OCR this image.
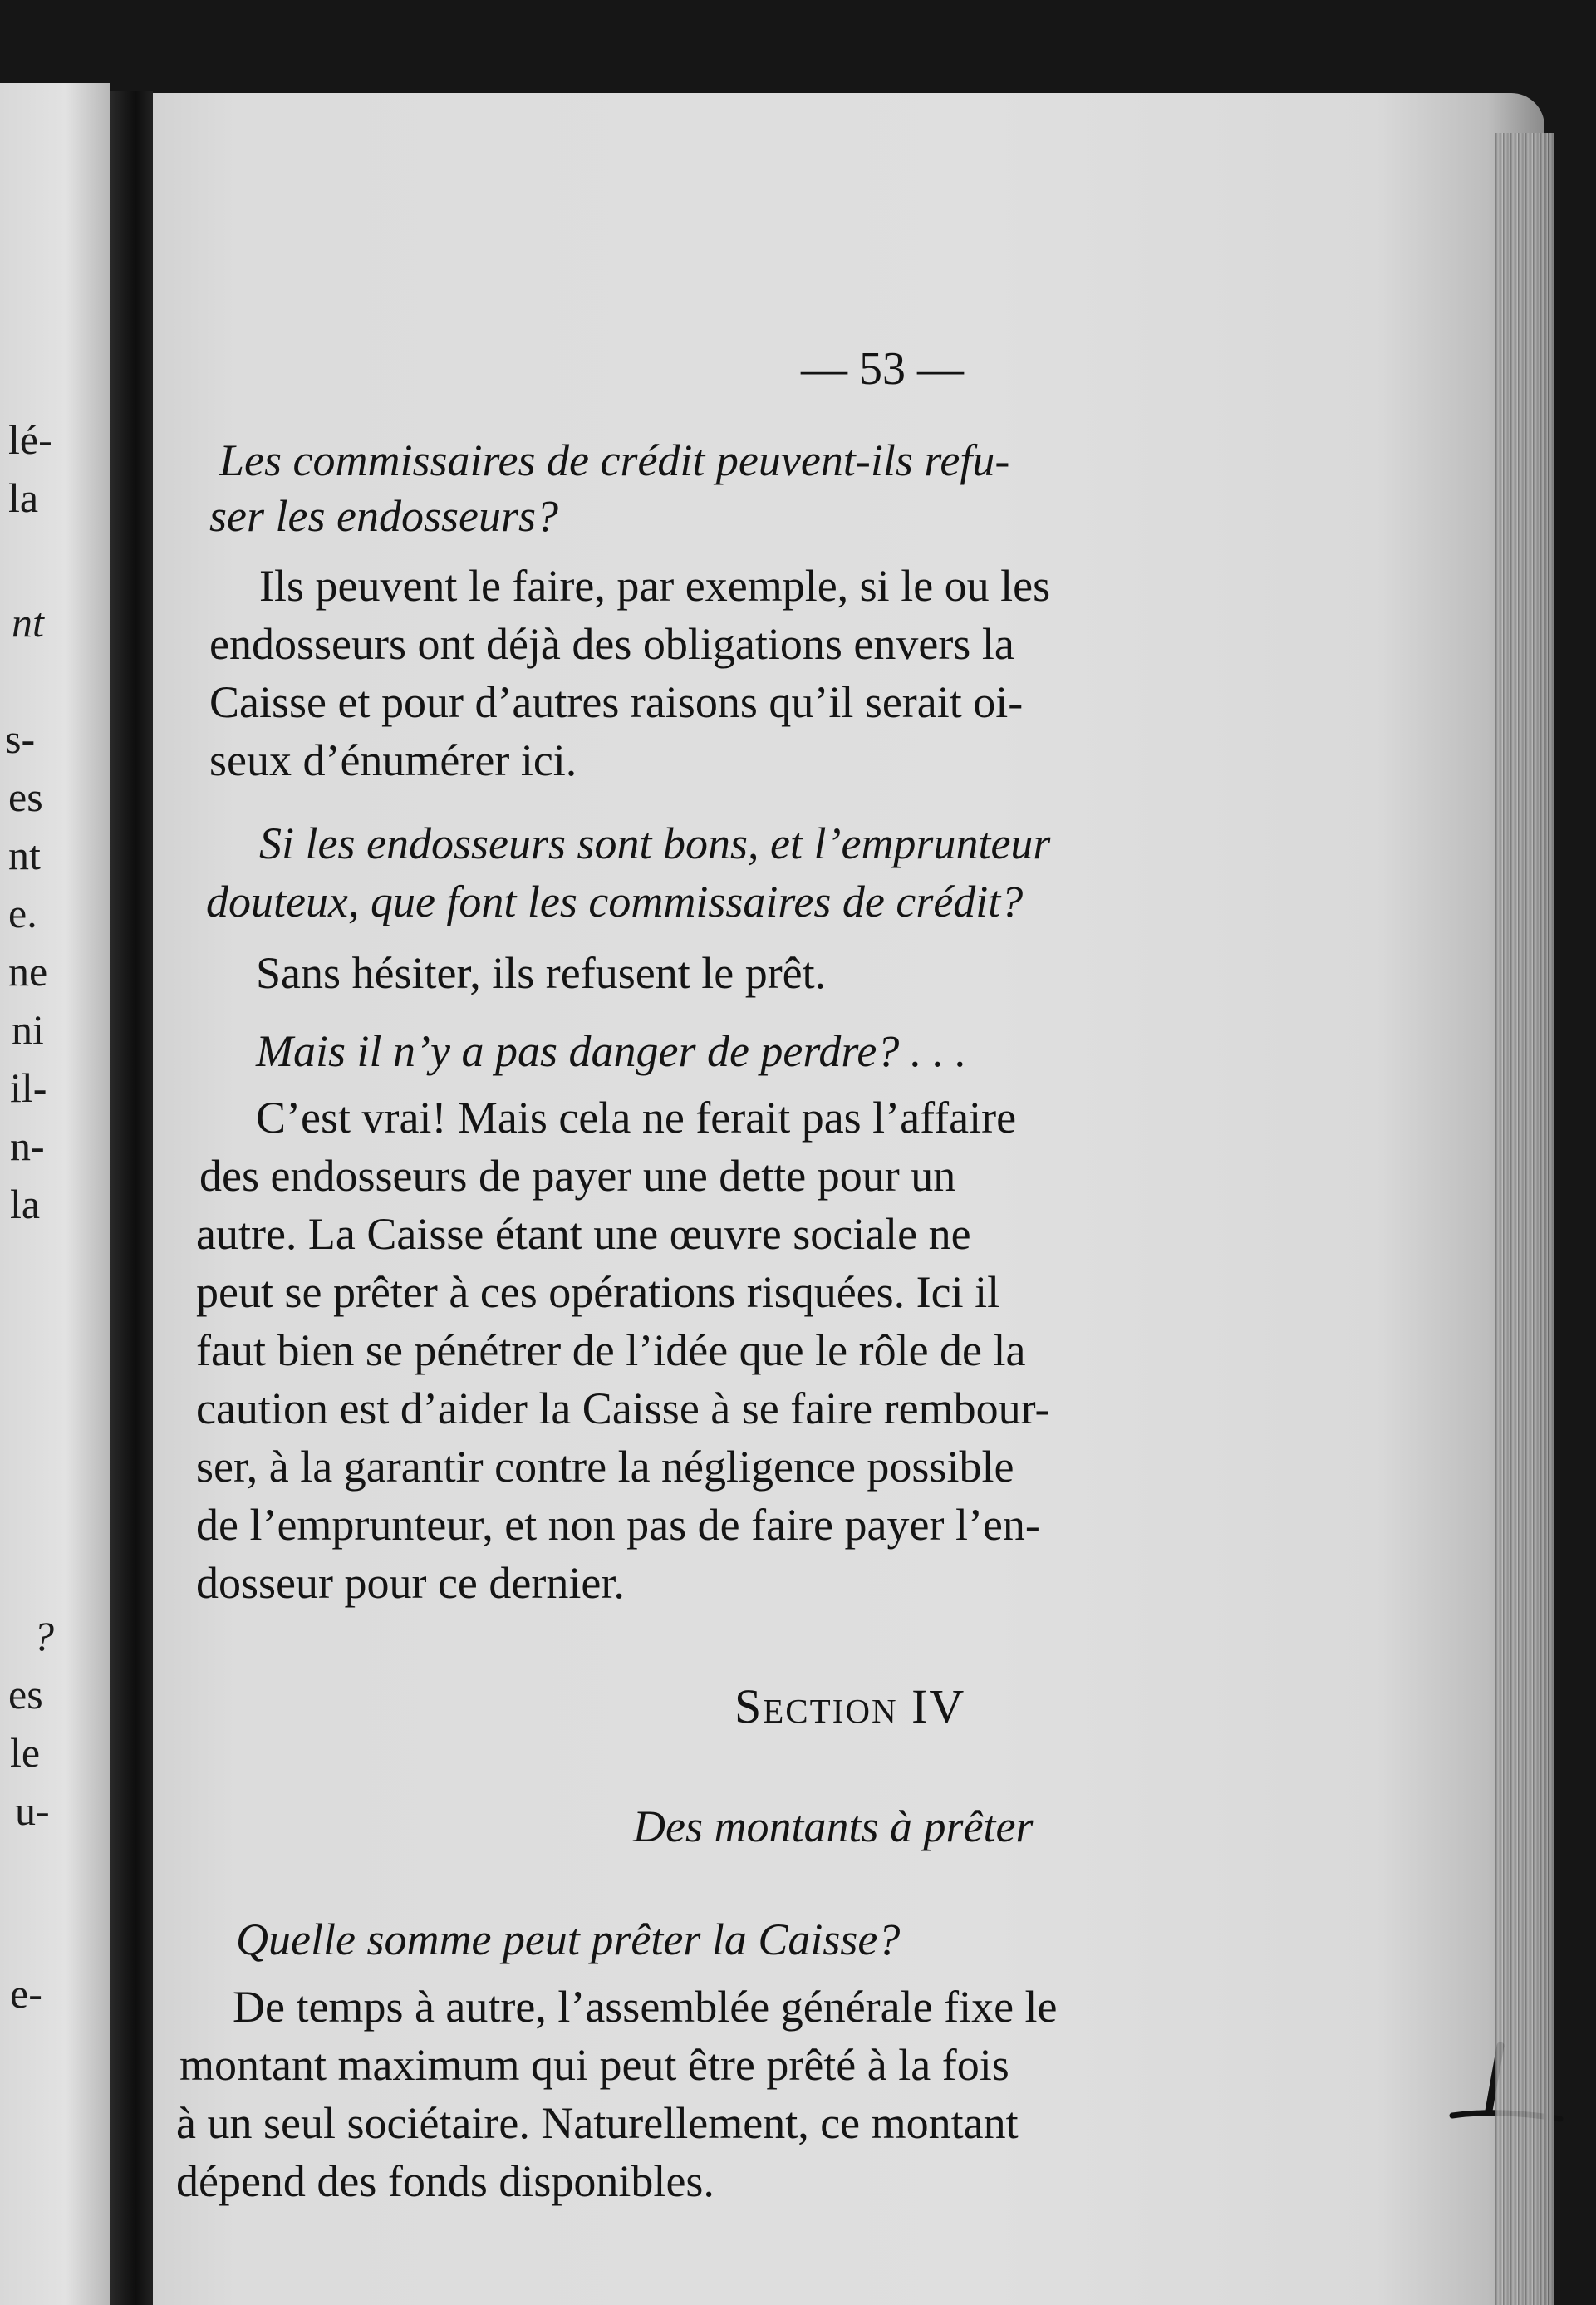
lé-
la
nt
s-
es
nt
e.
ne
ni
il-
n-
la
?
es
le
u-
e-
— 53 —
Les commissaires de crédit peuvent-ils refu-
ser les endosseurs?
Ils peuvent le faire, par exemple, si le ou les
endosseurs ont déjà des obligations envers la
Caisse et pour d’autres raisons qu’il serait oi-
seux d’énumérer ici.
Si les endosseurs sont bons, et l’emprunteur
douteux, que font les commissaires de crédit?
Sans hésiter, ils refusent le prêt.
Mais il n’y a pas danger de perdre? . . .
C’est vrai! Mais cela ne ferait pas l’affaire
des endosseurs de payer une dette pour un
autre. La Caisse étant une œuvre sociale ne
peut se prêter à ces opérations risquées. Ici il
faut bien se pénétrer de l’idée que le rôle de la
caution est d’aider la Caisse à se faire rembour-
ser, à la garantir contre la négligence possible
de l’emprunteur, et non pas de faire payer l’en-
dosseur pour ce dernier.
Section IV
Des montants à prêter
Quelle somme peut prêter la Caisse?
De temps à autre, l’assemblée générale fixe le
montant maximum qui peut être prêté à la fois
à un seul sociétaire. Naturellement, ce montant
dépend des fonds disponibles.
